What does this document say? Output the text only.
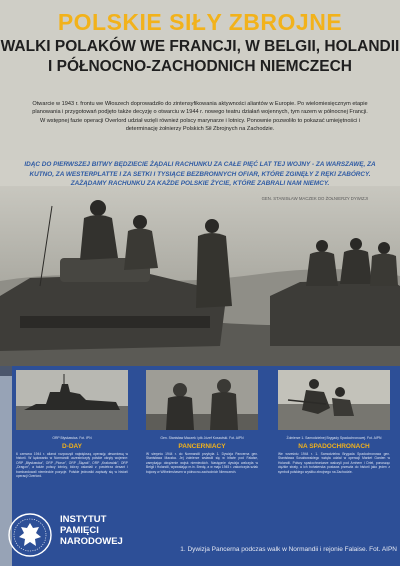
POLSKIE SIŁY ZBROJNE
WALKI POLAKÓW WE FRANCJI, W BELGII, HOLANDII
I PÓŁNOCNO-ZACHODNICH NIEMCZECH
Otwarcie w 1943 r. frontu we Włoszech doprowadziło do zintensyfikowania aktywności aliantów w Europie. Po wielomiesięcznym etapie planowania i przygotowań podjęto także decyzję o otwarciu w 1944 r. nowego teatru działań wojennych, tym razem w północnej Francji. W wstępnej fazie operacji Overlord udział wzięli również polscy marynarze i lotnicy. Ponownie pozwoliło to pokazać umiejętności i determinację żołnierzy Polskich Sił Zbrojnych na Zachodzie.
IDĄC DO PIERWSZEJ BITWY BĘDZIECIE ŻĄDALI RACHUNKU ZA CAŁE PIĘĆ LAT TEJ WOJNY - ZA WARSZAWĘ, ZA KUTNO, ZA WESTERPLATTE I ZA SETKI I TYSIĄCE BEZBRONNYCH OFIAR, KTÓRE ZGINĘŁY Z RĘKI ZABÓRCY. ZAŻĄDAMY RACHUNKU ZA KAŻDE POLSKIE ŻYCIE, KTÓRE ZABRALI NAM NIEMCY.
GEN. STANISŁAW MACZEK DO ŻOŁNIERZY DYWIZJI
ORP Błyskawica. Fot. IPN
D-DAY
6 czerwca 1944 r. alianci rozpoczęli największą operację desantową w historii. W lądowaniu w Normandii uczestniczyły polskie okręty wojenne: ORP „Błyskawica”, ORP „Piorun”, ORP „Ślązak”, ORP „Krakowiak”, ORP „Dragon”, a także polscy lotnicy, którzy osłaniali z powietrza desant i bombardowali niemieckie pozycje. Polskie jednostki zapisały się w historii operacji Overlord.
Gen. Stanisław Maczek i płk Józef Koszutski. Fot. AIPN
PANCERNIACY
W sierpniu 1944 r. do Normandii przybyła 1. Dywizja Pancerna gen. Stanisława Maczka. Jej żołnierze wsławili się w bitwie pod Falaise, zamykając okrążenie wojsk niemieckich. Następnie dywizja walczyła w Belgii i Holandii, wyzwalając m.in. Bredę, a w maju 1945 r. zakończyła szlak bojowy w Wilhelmshaven w północno-zachodnich Niemczech.
Żołnierze 1. Samodzielnej Brygady Spadochronowej. Fot. AIPN
NA SPADOCHRONACH
We wrześniu 1944 r. 1. Samodzielna Brygada Spadochronowa gen. Stanisława Sosabowskiego wzięła udział w operacji Market Garden w Holandii. Polscy spadochroniarze walczyli pod Arnhem i Driel, ponosząc ciężkie straty, a ich bohaterska postawa przeszła do historii jako jeden z symboli polskiego wysiłku zbrojnego na Zachodzie.
INSTYTUT
PAMIĘCI
NARODOWEJ
1. Dywizja Pancerna podczas walk w Normandii i rejonie Falaise. Fot. AIPN
